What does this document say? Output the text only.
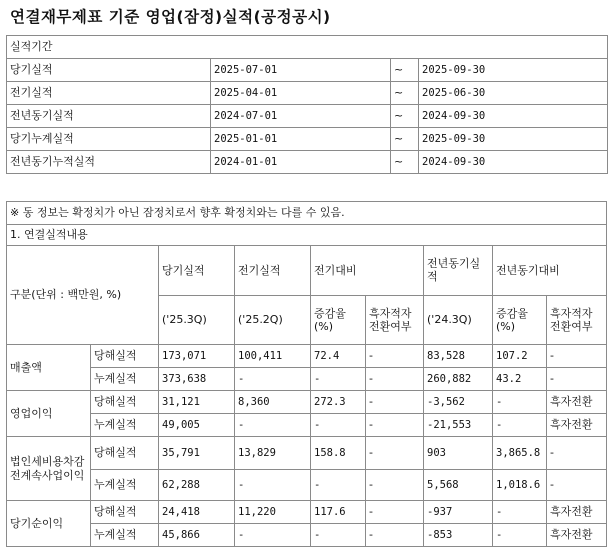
연결재무제표 기준 영업(잠정)실적(공정공시)
실적기간			
당기실적	2025-07-01	~	2025-09-30
전기실적	2025-04-01	~	2025-06-30
전년동기실적	2024-07-01	~	2024-09-30
당기누계실적	2025-01-01	~	2025-09-30
전년동기누적실적	2024-01-01	~	2024-09-30
※ 동 정보는 확정치가 아닌 잠정치로서 향후 확정치와는 다를 수 있음.								
1. 연결실적내용								
구분(단위 : 백만원, %)		당기실적	전기실적	전기대비		전년동기실적	전년동기대비	
		('25.3Q)	('25.2Q)	증감율(%)	흑자적자전환여부	('24.3Q)	증감율(%)	흑자적자전환여부
매출액	당해실적	173,071	100,411	72.4	-	83,528	107.2	-
	누계실적	373,638	-	-	-	260,882	43.2	-
영업이익	당해실적	31,121	8,360	272.3	-	-3,562	-	흑자전환
	누계실적	49,005	-	-	-	-21,553	-	흑자전환
법인세비용차감전계속사업이익	당해실적	35,791	13,829	158.8	-	903	3,865.8	-
	누계실적	62,288	-	-	-	5,568	1,018.6	-
당기순이익	당해실적	24,418	11,220	117.6	-	-937	-	흑자전환
	누계실적	45,866	-	-	-	-853	-	흑자전환
